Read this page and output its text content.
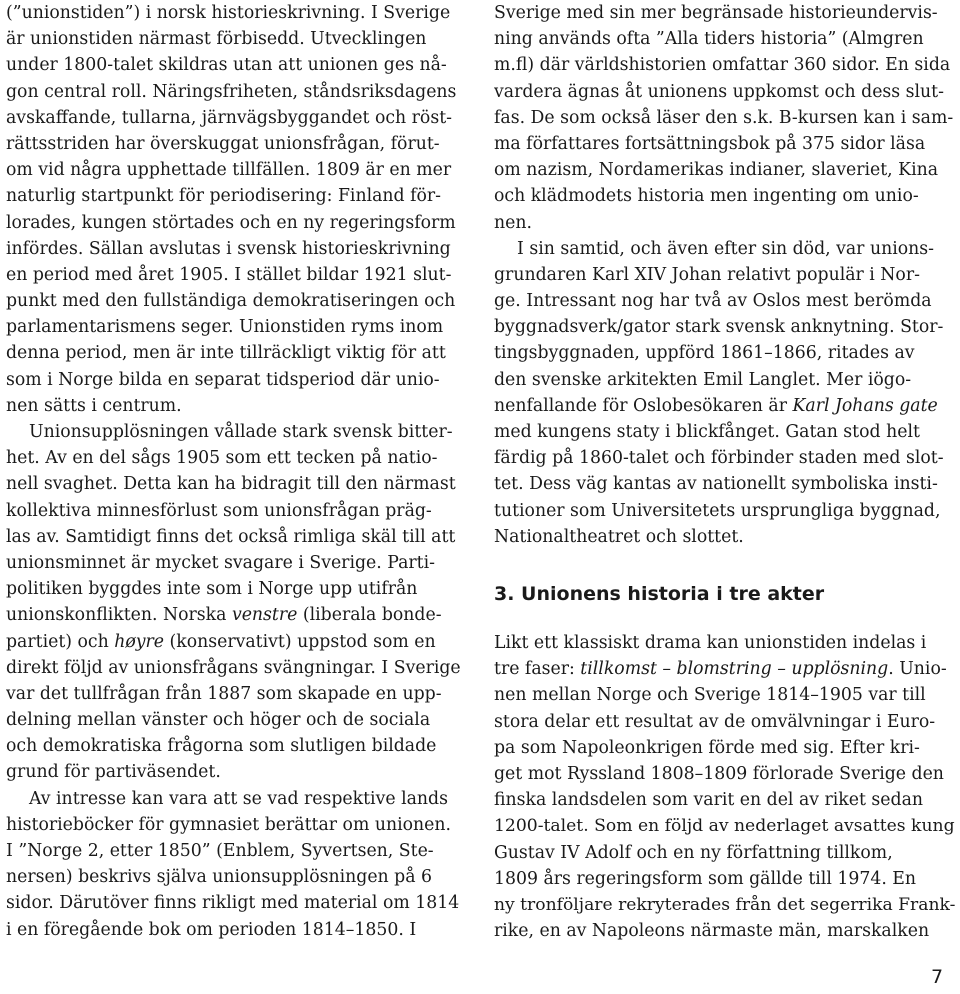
(”unionstiden”) i norsk historieskrivning. I Sverige
är unionstiden närmast förbisedd. Utvecklingen
under 1800-talet skildras utan att unionen ges nå-
gon central roll. Näringsfriheten, ståndsriksdagens
avskaffande, tullarna, järnvägsbyggandet och röst-
rättsstriden har överskuggat unionsfrågan, förut-
om vid några upphettade tillfällen. 1809 är en mer
naturlig startpunkt för periodisering: Finland för-
lorades, kungen störtades och en ny regeringsform
infördes. Sällan avslutas i svensk historieskrivning
en period med året 1905. I stället bildar 1921 slut-
punkt med den fullständiga demokratiseringen och
parlamentarismens seger. Unionstiden ryms inom
denna period, men är inte tillräckligt viktig för att
som i Norge bilda en separat tidsperiod där unio-
nen sätts i centrum.
Unionsupplösningen vållade stark svensk bitter-
het. Av en del sågs 1905 som ett tecken på natio-
nell svaghet. Detta kan ha bidragit till den närmast
kollektiva minnesförlust som unionsfrågan präg-
las av. Samtidigt finns det också rimliga skäl till att
unionsminnet är mycket svagare i Sverige. Parti-
politiken byggdes inte som i Norge upp utifrån
unionskonflikten. Norska venstre (liberala bonde-
partiet) och høyre (konservativt) uppstod som en
direkt följd av unionsfrågans svängningar. I Sverige
var det tullfrågan från 1887 som skapade en upp-
delning mellan vänster och höger och de sociala
och demokratiska frågorna som slutligen bildade
grund för partiväsendet.
Av intresse kan vara att se vad respektive lands
historieböcker för gymnasiet berättar om unionen.
I ”Norge 2, etter 1850” (Enblem, Syvertsen, Ste-
nersen) beskrivs själva unionsupplösningen på 6
sidor. Därutöver finns rikligt med material om 1814
i en föregående bok om perioden 1814–1850. I
Sverige med sin mer begränsade historieundervis-
ning används ofta ”Alla tiders historia” (Almgren
m.fl) där världshistorien omfattar 360 sidor. En sida
vardera ägnas åt unionens uppkomst och dess slut-
fas. De som också läser den s.k. B-kursen kan i sam-
ma författares fortsättningsbok på 375 sidor läsa
om nazism, Nordamerikas indianer, slaveriet, Kina
och klädmodets historia men ingenting om unio-
nen.
I sin samtid, och även efter sin död, var unions-
grundaren Karl XIV Johan relativt populär i Nor-
ge. Intressant nog har två av Oslos mest berömda
byggnadsverk/gator stark svensk anknytning. Stor-
tingsbyggnaden, uppförd 1861–1866, ritades av
den svenske arkitekten Emil Langlet. Mer iögo-
nenfallande för Oslobesökaren är Karl Johans gate
med kungens staty i blickfånget. Gatan stod helt
färdig på 1860-talet och förbinder staden med slot-
tet. Dess väg kantas av nationellt symboliska insti-
tutioner som Universitetets ursprungliga byggnad,
Nationaltheatret och slottet.
3. Unionens historia i tre akter
Likt ett klassiskt drama kan unionstiden indelas i
tre faser: tillkomst – blomstring – upplösning. Unio-
nen mellan Norge och Sverige 1814–1905 var till
stora delar ett resultat av de omvälvningar i Euro-
pa som Napoleonkrigen förde med sig. Efter kri-
get mot Ryssland 1808–1809 förlorade Sverige den
finska landsdelen som varit en del av riket sedan
1200-talet. Som en följd av nederlaget avsattes kung
Gustav IV Adolf och en ny författning tillkom,
1809 års regeringsform som gällde till 1974. En
ny tronföljare rekryterades från det segerrika Frank-
rike, en av Napoleons närmaste män, marskalken
7
